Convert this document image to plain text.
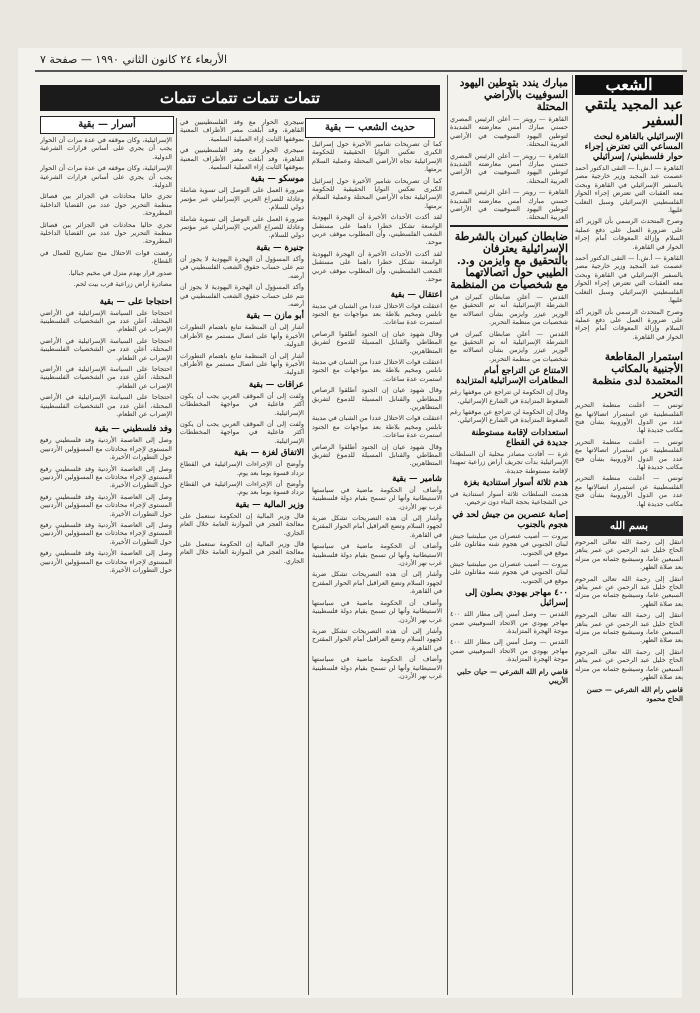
الأربعاء ٢٤ كانون الثاني ١٩٩٠ — صفحة ٧
الشعب
عبد المجيد يلتقي السفير
الإسرائيلي بالقاهرة لبحث المساعي التي تعترض إجراء حوار فلسطيني/ إسرائيلي

القاهرة — أ.ش.أ — التقى الدكتور أحمد عصمت عبد المجيد وزير خارجية مصر بالسفير الإسرائيلي في القاهرة وبحث معه العقبات التي تعترض إجراء الحوار الفلسطيني الإسرائيلي وسبل التغلب عليها.

وصرح المتحدث الرسمي بأن الوزير أكد على ضرورة العمل على دفع عملية السلام وإزالة المعوقات أمام إجراء الحوار في القاهرة.

القاهرة — أ.ش.أ — التقى الدكتور أحمد عصمت عبد المجيد وزير خارجية مصر بالسفير الإسرائيلي في القاهرة وبحث معه العقبات التي تعترض إجراء الحوار الفلسطيني الإسرائيلي وسبل التغلب عليها.

وصرح المتحدث الرسمي بأن الوزير أكد على ضرورة العمل على دفع عملية السلام وإزالة المعوقات أمام إجراء الحوار في القاهرة.

استمرار المقاطعة الأجنبية بالمكاتب المعتمدة لدى منظمة التحرير

تونس — أعلنت منظمة التحرير الفلسطينية عن استمرار اتصالاتها مع عدد من الدول الأوروبية بشأن فتح مكاتب جديدة لها.

تونس — أعلنت منظمة التحرير الفلسطينية عن استمرار اتصالاتها مع عدد من الدول الأوروبية بشأن فتح مكاتب جديدة لها.

تونس — أعلنت منظمة التحرير الفلسطينية عن استمرار اتصالاتها مع عدد من الدول الأوروبية بشأن فتح مكاتب جديدة لها.

بسم الله

انتقل إلى رحمة الله تعالى المرحوم الحاج خليل عبد الرحمن عن عمر يناهز السبعين عاما، وسيشيع جثمانه من منزله بعد صلاة الظهر.

انتقل إلى رحمة الله تعالى المرحوم الحاج خليل عبد الرحمن عن عمر يناهز السبعين عاما، وسيشيع جثمانه من منزله بعد صلاة الظهر.

انتقل إلى رحمة الله تعالى المرحوم الحاج خليل عبد الرحمن عن عمر يناهز السبعين عاما، وسيشيع جثمانه من منزله بعد صلاة الظهر.

انتقل إلى رحمة الله تعالى المرحوم الحاج خليل عبد الرحمن عن عمر يناهز السبعين عاما، وسيشيع جثمانه من منزله بعد صلاة الظهر.

قاضي رام الله الشرعي — حسن الحاج محمود
مبارك يندد بتوطين اليهود السوفييت بالأراضي المحتلة

القاهرة — رويتر — أعلن الرئيس المصري حسني مبارك أمس معارضته الشديدة لتوطين اليهود السوفييت في الأراضي العربية المحتلة.

القاهرة — رويتر — أعلن الرئيس المصري حسني مبارك أمس معارضته الشديدة لتوطين اليهود السوفييت في الأراضي العربية المحتلة.

القاهرة — رويتر — أعلن الرئيس المصري حسني مبارك أمس معارضته الشديدة لتوطين اليهود السوفييت في الأراضي العربية المحتلة.

ضابطان كبيران بالشرطة الإسرائيلية يعترفان بالتحقيق مع وايزمن و.د. الطيبي حول اتصالاتهما مع شخصيات من المنظمة

القدس — أعلن ضابطان كبيران في الشرطة الإسرائيلية أنه تم التحقيق مع الوزير عيزر وايزمن بشأن اتصالاته مع شخصيات من منظمة التحرير.

القدس — أعلن ضابطان كبيران في الشرطة الإسرائيلية أنه تم التحقيق مع الوزير عيزر وايزمن بشأن اتصالاته مع شخصيات من منظمة التحرير.

الامتناع عن التراجع أمام المظاهرات الإسرائيلية المتزايدة

وقال إن الحكومة لن تتراجع عن موقفها رغم الضغوط المتزايدة في الشارع الإسرائيلي.

وقال إن الحكومة لن تتراجع عن موقفها رغم الضغوط المتزايدة في الشارع الإسرائيلي.

استعدادات لإقامة مستوطنة جديدة في القطاع

غزة — أفادت مصادر محلية أن السلطات الإسرائيلية بدأت تجريف أراض زراعية تمهيدا لإقامة مستوطنة جديدة.

هدم ثلاثة أسوار استنادية بغزة

هدمت السلطات ثلاثة أسوار استنادية في حي الشجاعية بحجة البناء دون ترخيص.

إصابة عنصرين من جيش لحد في هجوم بالجنوب

بيروت — أصيب عنصران من ميليشيا جيش لبنان الجنوبي في هجوم شنه مقاتلون على موقع في الجنوب.

بيروت — أصيب عنصران من ميليشيا جيش لبنان الجنوبي في هجوم شنه مقاتلون على موقع في الجنوب.

٤٠٠ مهاجر يهودي يصلون إلى إسرائيل

القدس — وصل أمس إلى مطار اللد ٤٠٠ مهاجر يهودي من الاتحاد السوفييتي ضمن موجة الهجرة المتزايدة.

القدس — وصل أمس إلى مطار اللد ٤٠٠ مهاجر يهودي من الاتحاد السوفييتي ضمن موجة الهجرة المتزايدة.

قاضي رام الله الشرعي — حيان حلبي الأريبي
تتمات تتمات تتمات تتمات
حديث الشعب — بقية

كما أن تصريحات شامير الأخيرة حول إسرائيل الكبرى تعكس النوايا الحقيقية للحكومة الإسرائيلية تجاه الأراضي المحتلة وعملية السلام برمتها.

كما أن تصريحات شامير الأخيرة حول إسرائيل الكبرى تعكس النوايا الحقيقية للحكومة الإسرائيلية تجاه الأراضي المحتلة وعملية السلام برمتها.

لقد أكدت الأحداث الأخيرة أن الهجرة اليهودية الواسعة تشكل خطرا داهما على مستقبل الشعب الفلسطيني، وأن المطلوب موقف عربي موحد.

لقد أكدت الأحداث الأخيرة أن الهجرة اليهودية الواسعة تشكل خطرا داهما على مستقبل الشعب الفلسطيني، وأن المطلوب موقف عربي موحد.

اعتقال — بقية

اعتقلت قوات الاحتلال عددا من الشبان في مدينة نابلس ومخيم بلاطة بعد مواجهات مع الجنود استمرت عدة ساعات.

وقال شهود عيان إن الجنود أطلقوا الرصاص المطاطي والقنابل المسيلة للدموع لتفريق المتظاهرين.

اعتقلت قوات الاحتلال عددا من الشبان في مدينة نابلس ومخيم بلاطة بعد مواجهات مع الجنود استمرت عدة ساعات.

وقال شهود عيان إن الجنود أطلقوا الرصاص المطاطي والقنابل المسيلة للدموع لتفريق المتظاهرين.

اعتقلت قوات الاحتلال عددا من الشبان في مدينة نابلس ومخيم بلاطة بعد مواجهات مع الجنود استمرت عدة ساعات.

وقال شهود عيان إن الجنود أطلقوا الرصاص المطاطي والقنابل المسيلة للدموع لتفريق المتظاهرين.

شامير — بقية

وأضاف أن الحكومة ماضية في سياستها الاستيطانية وأنها لن تسمح بقيام دولة فلسطينية غرب نهر الأردن.

وأشار إلى أن هذه التصريحات تشكل ضربة لجهود السلام وتضع العراقيل أمام الحوار المقترح في القاهرة.

وأضاف أن الحكومة ماضية في سياستها الاستيطانية وأنها لن تسمح بقيام دولة فلسطينية غرب نهر الأردن.

وأشار إلى أن هذه التصريحات تشكل ضربة لجهود السلام وتضع العراقيل أمام الحوار المقترح في القاهرة.

وأضاف أن الحكومة ماضية في سياستها الاستيطانية وأنها لن تسمح بقيام دولة فلسطينية غرب نهر الأردن.

وأشار إلى أن هذه التصريحات تشكل ضربة لجهود السلام وتضع العراقيل أمام الحوار المقترح في القاهرة.

وأضاف أن الحكومة ماضية في سياستها الاستيطانية وأنها لن تسمح بقيام دولة فلسطينية غرب نهر الأردن.

سيجري الحوار مع وفد الفلسطينيين في القاهرة، وقد أبلغت مصر الأطراف المعنية بموقفها الثابت إزاء العملية السلمية.

سيجري الحوار مع وفد الفلسطينيين في القاهرة، وقد أبلغت مصر الأطراف المعنية بموقفها الثابت إزاء العملية السلمية.

موسكو — بقية

ضرورة العمل على التوصل إلى تسوية شاملة وعادلة للصراع العربي الإسرائيلي عبر مؤتمر دولي للسلام.

ضرورة العمل على التوصل إلى تسوية شاملة وعادلة للصراع العربي الإسرائيلي عبر مؤتمر دولي للسلام.

جنيرة — بقية

وأكد المسؤول أن الهجرة اليهودية لا يجوز أن تتم على حساب حقوق الشعب الفلسطيني في أرضه.

وأكد المسؤول أن الهجرة اليهودية لا يجوز أن تتم على حساب حقوق الشعب الفلسطيني في أرضه.

أبو مازن — بقية

أشار إلى أن المنظمة تتابع باهتمام التطورات الأخيرة وأنها على اتصال مستمر مع الأطراف الدولية.

أشار إلى أن المنظمة تتابع باهتمام التطورات الأخيرة وأنها على اتصال مستمر مع الأطراف الدولية.

عراقات — بقية

ولفت إلى أن الموقف العربي يجب أن يكون أكثر فاعلية في مواجهة المخططات الإسرائيلية.

ولفت إلى أن الموقف العربي يجب أن يكون أكثر فاعلية في مواجهة المخططات الإسرائيلية.

الاتفاق لغزة — بقية

وأوضح أن الإجراءات الإسرائيلية في القطاع تزداد قسوة يوما بعد يوم.

وأوضح أن الإجراءات الإسرائيلية في القطاع تزداد قسوة يوما بعد يوم.

وزير المالية — بقية

قال وزير المالية إن الحكومة ستعمل على معالجة العجز في الموازنة العامة خلال العام الجاري.

قال وزير المالية إن الحكومة ستعمل على معالجة العجز في الموازنة العامة خلال العام الجاري.

أسرار — بقية

الإسرائيلية، وكان موقفه في عدة مرات أن الحوار يجب أن يجري على أساس قرارات الشرعية الدولية.

الإسرائيلية، وكان موقفه في عدة مرات أن الحوار يجب أن يجري على أساس قرارات الشرعية الدولية.

تجري حاليا محادثات في الجزائر بين فصائل منظمة التحرير حول عدد من القضايا الداخلية المطروحة.

تجري حاليا محادثات في الجزائر بين فصائل منظمة التحرير حول عدد من القضايا الداخلية المطروحة.

رفضت قوات الاحتلال منح تصاريح للعمال في القطاع.

صدور قرار بهدم منزل في مخيم جباليا.

مصادرة أراض زراعية قرب بيت لحم.

احتجاجا على — بقية

احتجاجا على السياسة الإسرائيلية في الأراضي المحتلة، أعلن عدد من الشخصيات الفلسطينية الإضراب عن الطعام.

احتجاجا على السياسة الإسرائيلية في الأراضي المحتلة، أعلن عدد من الشخصيات الفلسطينية الإضراب عن الطعام.

احتجاجا على السياسة الإسرائيلية في الأراضي المحتلة، أعلن عدد من الشخصيات الفلسطينية الإضراب عن الطعام.

احتجاجا على السياسة الإسرائيلية في الأراضي المحتلة، أعلن عدد من الشخصيات الفلسطينية الإضراب عن الطعام.

وفد فلسطيني — بقية

وصل إلى العاصمة الأردنية وفد فلسطيني رفيع المستوى لإجراء محادثات مع المسؤولين الأردنيين حول التطورات الأخيرة.

وصل إلى العاصمة الأردنية وفد فلسطيني رفيع المستوى لإجراء محادثات مع المسؤولين الأردنيين حول التطورات الأخيرة.

وصل إلى العاصمة الأردنية وفد فلسطيني رفيع المستوى لإجراء محادثات مع المسؤولين الأردنيين حول التطورات الأخيرة.

وصل إلى العاصمة الأردنية وفد فلسطيني رفيع المستوى لإجراء محادثات مع المسؤولين الأردنيين حول التطورات الأخيرة.

وصل إلى العاصمة الأردنية وفد فلسطيني رفيع المستوى لإجراء محادثات مع المسؤولين الأردنيين حول التطورات الأخيرة.
